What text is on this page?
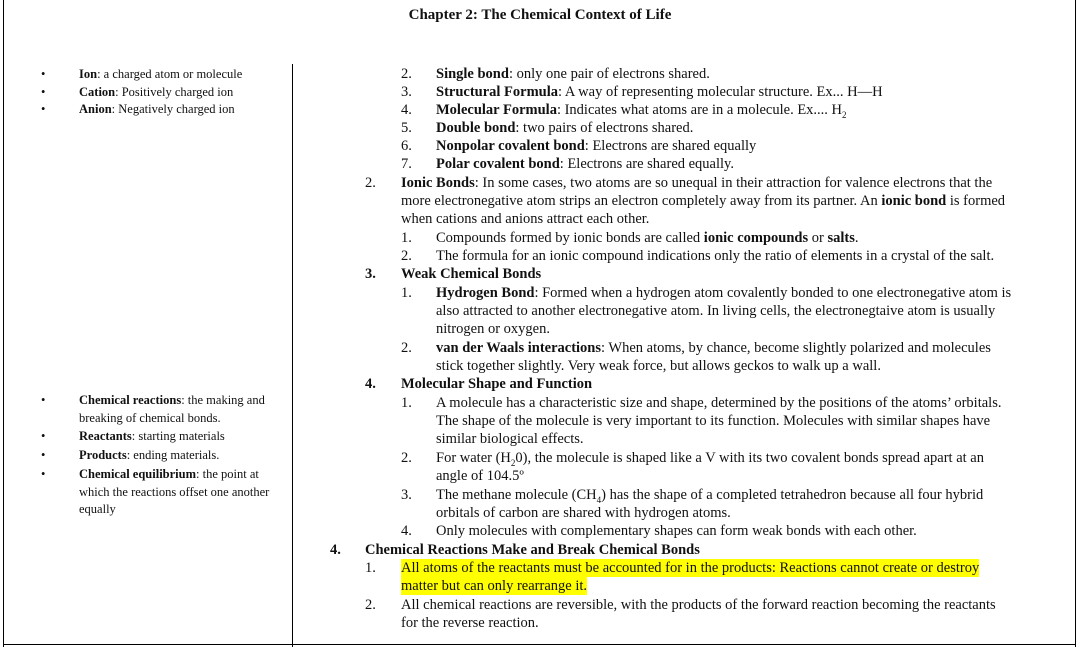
Chapter 2: The Chemical Context of Life
•	Ion: a charged atom or molecule
•	Cation: Positively charged ion
•	Anion: Negatively charged ion
•	Chemical reactions: the making and breaking of chemical bonds.
•	Reactants: starting materials
•	Products: ending materials.
•	Chemical equilibrium: the point at which the reactions offset one another equally
2. Single bond: only one pair of electrons shared.
3. Structural Formula: A way of representing molecular structure. Ex... H—H
4. Molecular Formula: Indicates what atoms are in a molecule. Ex.... $H_2$
5. Double bond: two pairs of electrons shared.
6. Nonpolar covalent bond: Electrons are shared equally
7. Polar covalent bond: Electrons are shared equally.
2. Ionic Bonds: In some cases, two atoms are so unequal in their attraction for valence electrons that the
more electronegative atom strips an electron completely away from its partner. An ionic bond is formed
when cations and anions attract each other.
1. Compounds formed by ionic bonds are called ionic compounds or salts.
2. The formula for an ionic compound indications only the ratio of elements in a crystal of the salt.
3. Weak Chemical Bonds
1. Hydrogen Bond: Formed when a hydrogen atom covalently bonded to one electronegative atom is
also attracted to another electronegative atom. In living cells, the electronegtaive atom is usually
nitrogen or oxygen.
2. van der Waals interactions: When atoms, by chance, become slightly polarized and molecules
stick together slightly. Very weak force, but allows geckos to walk up a wall.
4. Molecular Shape and Function
1. A molecule has a characteristic size and shape, determined by the positions of the atoms’ orbitals.
The shape of the molecule is very important to its function. Molecules with similar shapes have
similar biological effects.
2. For water $(H_20)$, the molecule is shaped like a V with its two covalent bonds spread apart at an
angle of 104.5º
3. The methane molecule $(CH_4)$ has the shape of a completed tetrahedron because all four hybrid
orbitals of carbon are shared with hydrogen atoms.
4. Only molecules with complementary shapes can form weak bonds with each other.
4. Chemical Reactions Make and Break Chemical Bonds
1. All atoms of the reactants must be accounted for in the products: Reactions cannot create or destroy
matter but can only rearrange it.
2. All chemical reactions are reversible, with the products of the forward reaction becoming the reactants
for the reverse reaction.
